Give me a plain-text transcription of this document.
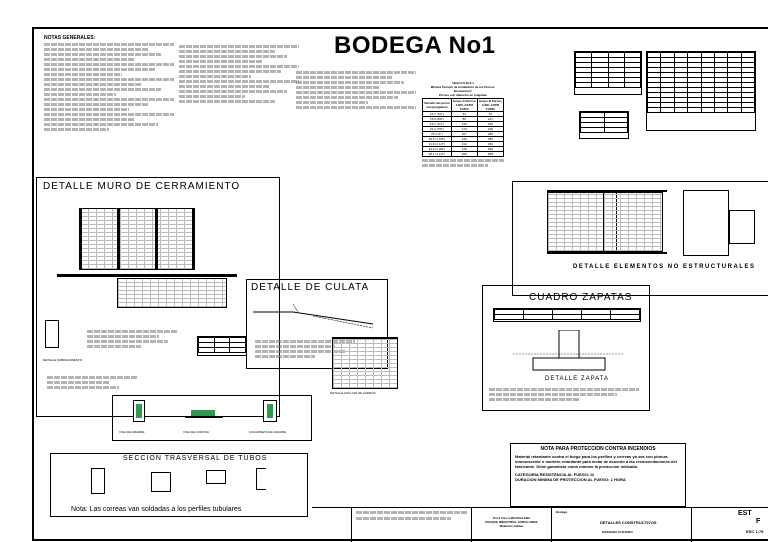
NOTAS GENERALES:	BODEGA No1
Tabla P.3.16.3-1
Mínima Tensión de Instalación de los Pernos, kilonewtons*
Pernos con diámetro en pulgadas
Tamaño del perno mm (pulgadas)	Grupo A Pernos A325, ASTM F1852	Grupo B Pernos A490, ASTM F2280
12.7 (1/2")	53	67
15.9 (5/8")	85	107
19.1 (3/4")	125	156
22.2 (7/8")	173	218
25.4 (1")	227	285
28.6 (1 1/8")	249	356
31.8 (1 1/4")	316	454
34.9 (1 3/8")	378	538
38.1 (1 1/2")	458	658

DETALLE MURO DE CERRAMIENTO

DETALLE SOBRECIMIENTO
DETALLE DE CULATA
DETALLE ELEMENTOS NO ESTRUCTURALES
CUADRO ZAPATAS

DETALLE ZAPATA
DETALLE ANCLAJE DE ACEROS
VIGA DE AMARRE	VIGA DE CORONA	COLUMNETA DE AMARRE
SECCION TRASVERSAL DE TUBOS
Nota: Las correas van soldadas a los perfiles tubulares
NOTA PARA PROTECCION CONTRA INCENDIOS
Material retardante contra el fuego para los perfiles y correas ya sea con pintura intumescente o mortero retardante para metal de acuerdo a las recomendaciones del fabricante. Debe garantizar como mínimo la protección indicada.
CATEGORIA RESISTENCIA AL FUEGO: III
DURACION MINIMA DE PROTECCION AL FUEGO: 1 HORA
Km 9 Vía La MAGDALENA
PARQUE INDUSTRIAL SANTA LIBRE
Malambo Caldas
Bodega
DETALLES CONSTRUCTIVOS
GRANADA CUSTARO
EST
F
ESC 1:75
